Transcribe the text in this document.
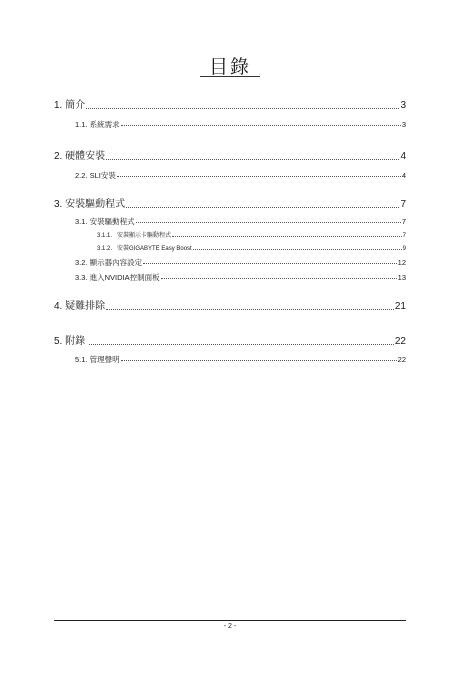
目錄
1. 簡介	3
1.1. 系統需求	3
2. 硬體安裝	4
2.2. SLI安裝	4
3. 安裝驅動程式	7
3.1. 安裝驅動程式	7
3.1.1.   安裝顯示卡驅動程式	7
3.1.2.   安裝GIGABYTE Easy Boost	9
3.2. 顯示器內容設定	12
3.3. 進入NVIDIA控制面板	13
4. 疑難排除	21
5. 附錄	22
5.1. 管理聲明	22
- 2 -
